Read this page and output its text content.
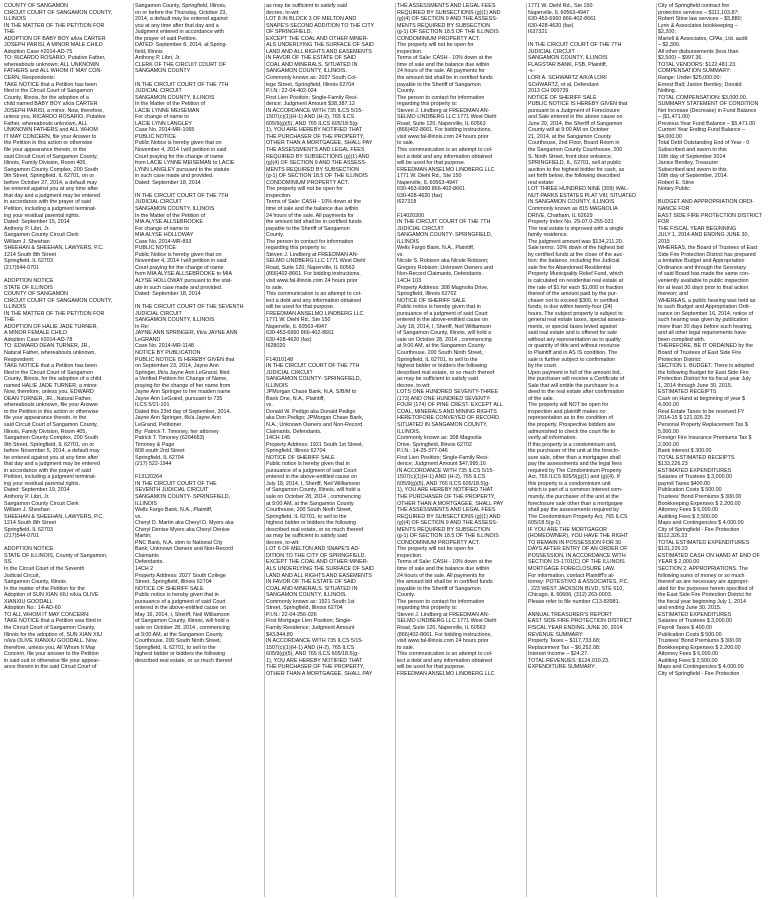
COUNTY OF SANGAMON

CIRCUIT COURT OF SANGAMON COUNTY,

ILLINOIS

IN THE MATTER OF THE PETITION FOR

THE

ADOPTION OF BABY BOY a/k/a CARTER

JOSEPH PARISI, A MINOR MALE CHILD

Adoption Case #2014-AD-75

TO: RICARDO ROSARIO, Putative Father,

whereabouts unknown; ALL UNKNOWN

FATHERS and ALL WHOM IT MAY CON-

CERN, Respondents:

TAKE NOTICE that a Petition has been

filed in the Circuit Court of Sangamon

County, Illinois, for the adoption of a

child named BABY BOY a/k/a CARTER

JOSEPH PARISI, a minor. Now, therefore,

unless you, RICARDO ROSARIO, Putative

Father, whereabouts unknown, ALL

UNKNOWN FATHERS and ALL WHOM

IT MAY CONCERN, file your Answer to

the Petition in this action or otherwise

file your appearance therein, in the

said Circuit Court of Sangamon County,

Illinois, Family Division, Room 405,

Sangamon County Complex, 200 South

9th Street, Springfield, IL 62701, on or

before October 27, 2014, a default may

be entered against you at any time after

that day and a judgment may be entered

in accordance with the prayer of said

Petition, including a judgment terminat-

ing your residual parental rights.

Dated: September 15, 2014

Anthony P. Libri, Jr.

Sangamon County Circuit Clerk

William J. Sheehan

SHEEHAN & SHEEHAN, LAWYERS, P.C.

1214 South 8th Street

Springfield, IL 62703

(217)544-0701

ADOPTION NOTICE

STATE OF ILLINOIS

COUNTY OF SANGAMON

CIRCUIT COURT OF SANGAMON COUNTY,

ILLINOIS

IN THE MATTER OF THE PETITION FOR

THE

ADOPTION OF HALIE JADE TURNER,

A MINOR FEMALE CHILD

Adoption Case #2014-AD-78

TO: EDWARD DEAN TURNER, JR.,

Natural Father, whereabouts unknown,

Respondent:

TAKE NOTICE that a Petition has been

filed in the Circuit Court of Sangamon

County, Illinois, for the adoption of a child

named HALIE JADE TURNER, a minor.

Now, therefore, unless you, EDWARD

DEAN TURNER, JR., Natural Father,

whereabouts unknown, file your Answer

to the Petition in this action or otherwise

file your appearance therein, in the

said Circuit Court of Sangamon County,

Illinois, Family Division, Room 405,

Sangamon County Complex, 200 South

9th Street, Springfield, IL 62701, on or

before November 5, 2014, a default may

be entered against you at any time after

that day and a judgment may be entered

in accordance with the prayer of said

Petition, including a judgment terminat-

ing your residual parental rights.

Dated: September 19, 2014

Anthony P. Libri, Jr.

Sangamon County Circuit Clerk

William J. Sheehan

SHEEHAN & SHEEHAN, LAWYERS, P.C.

1214 South 8th Street

Springfield, IL 62703

(217)544-0701

ADOPTION NOTICE

STATE OF ILLINOIS, County of Sangamon,

SS.

In the Circuit Court of the Seventh

Judicial Circuit,

Sangamon County, Illinois.

In the matter of the Petition for the

Adoption of SUN XIAN XIU n/k/a OLIVE

XIANXIU GOODALL

Adoption No.: 14-AD-60

TO ALL WHOM IT MAY CONCERN:

TAKE NOTICE that a Petition was filed in

the Circuit Court of Sangamon County,

Illinois for the adoption of, SUN XIAN XIU

n/k/a OLIVE XIANXIU GOODALL. Now,

therefore, unless you, All Whom It May

Concern, file your answer to the Petition

in said suit or otherwise file your appear-

ance therein in the said Circuit Court of

Sangamon County, Springfield, Illinois,

on or before the Thursday, October 23,

2014, a default may be entered against

you at any time after that day and a

Judgment entered in accordance with

the prayer of said Petition.

DATED: September 8, 2014, at Spring-

field, Illinois

Anthony P. Libri, Jr.

CLERK OF THE CIRCUIT COURT OF

SANGAMON COUNTY

IN THE CIRCUIT COURT OF THE 7TH

JUDICIAL CIRCUIT

SANGAMON COUNTY, ILLINOIS

In the Matter of the Petition of

LACIE LYNNE MEISEMAN

For change of name to

LACIE LYNN LANGLEY

Case No. 2014-MR-1065

PUBLIC NOTICE

Public Notice is hereby given that on

November 4, 2014 I will petition in said

Court praying for the change of name

from LACIE LYNNE MEISEMAN to LACIE

LYNN LANGLEY pursuant to the statute

in such case made and provided.

Dated: September 18, 2014

IN THE CIRCUIT COURT OF THE 7TH

JUDICIAL CIRCUIT

SANGAMON COUNTY, ILLINOIS

In the Matter of the Petition of

MIA ALYSE ALLSEBROOKE

For change of name to

MIA ALYSE HOLLOWAY

Case No. 2014-MR-893

PUBLIC NOTICE

Public Notice is hereby given that on

November 4, 2014 I will petition in said

Court praying for the change of name

from MIA ALYSE ALLSEBROOKE to MIA

ALYSE HOLLOWAY pursuant to the stat-

ute in such case made and provided.

Dated: September 18, 2014

IN THE CIRCUIT COURT OF THE SEVENTH

JUDICIAL CIRCUIT

SANGAMON COUNTY, ILLINOIS

In Re:

JAYNE ANN SPRINGER, f/k/a JAYNE ANN

LeGRAND

Case No. 2014-MR-1148

NOTICE BY PUBLICATION

PUBLIC NOTICE IS HEREBY GIVEN that

on September 23, 2014, Jayne Ann

Springer, f/k/a Jayne Ann LeGrand, filed

a Verified Petition for Change of Name,

praying for the change of her name from

Jayne Ann Springer to her maiden name

Jayne Ann LeGrand, pursuant to 735

ILCS 5/21-101

Dated this 23rd day of September, 2014.

Jayne Ann Springer, f/k/a Jayne Ann

LeGrand, Petitioner

By: Patrick T. Timoney, her attorney

Patrick T. Timoney (6204653)

Timoney & Page

808 south 2nd Street

Springfield, IL 62704

(217) 522-1944

F13120264

IN THE CIRCUIT COURT OF THE

SEVENTH JUDICIAL CIRCUIT

SANGAMON COUNTY- SPRINGFIELD,

ILLINOIS

Wells Fargo Bank, N.A., Plaintiff,

vs.

Cheryl D. Martin aka Cheryl D. Myers aka

Cheryl Denise Myers aka Cheryl Denise

Martin;

PNC Bank, N.A. sbm to National City

Bank; Unknown Owners and Non-Record

Claimants

Defendants.

14CH 2

Property Address: 2027 South College

Street, Springfield, Illinois 62704

NOTICE OF SHERIFF SALE

Public notice is hereby given that in

pursuance of a judgment of said Court

entered in the above-entitled cause on

May 16, 2014, I, Sheriff, Neil Williamson

of Sangamon County, Illinois, will hold a

sale on October 28, 2014 , commencing

at 9:00 AM, at the Sangamon County

Courthouse, 200 South Ninth Street,

Springfield, IL 62701, to sell to the

highest bidder or bidders the following

described real estate, or so much thereof

as may be sufficient to satisfy said

decree, to-wit:

LOT 8 IN BLOCK 3 OF MELTON AND

SNAPE'S SECOND ADDITION TO THE CITY

OF SPRINGFIELD.

EXCEPT THE COAL AND OTHER MINER-

ALS UNDERLYING THE SURFACE OF SAID

LAND AND ALL RIGHTS AND EASEMENTS

IN FAVOR OF THE ESTATE OF SAID

COAL AND MINERALS. SITUATED IN

SANGAMON COUNTY, ILLINOIS.

Commonly known as: 2027 South Col-

lege Street, Springfield, Illinois 62704

P.I.N.: 22-04-402-024

First Lien Position; Single-Family Resi-

dence; Judgment Amount $38,387.12

IN ACCORDANCE WITH 735 ILCS 5/15-

1507(c)(1)(H-1) AND (H-2), 765 ILCS

605/9(g)(5), AND 765 ILCS 605/18.5(g-

1), YOU ARE HEREBY NOTIFIED THAT

THE PURCHASER OF THE PROPERTY,

OTHER THAN A MORTGAGEE, SHALL PAY

THE ASSESSMENTS AND LEGAL FEES

REQUIRED BY SUBSECTIONS (g)(1) AND

(g)(4) OF SECTION 9 AND THE ASSESS-

MENTS REQUIRED BY SUBSECTION

(g-1) OF SECTION 18.5 OF THE ILLINOIS

CONDOMINIUM PROPERTY ACT.

The property will not be open for

inspection.

Terms of Sale: CASH - 10% down at the

time of sale and the balance due within

24 hours of the sale. All payments for

the amount bid shall be in certified funds

payable to the Sheriff of Sangamon

County.

The person to contact for information

regarding this property is:

Steven J. Lindberg at FREEDMAN AN-

SELMO LINDBERG LLC 1771 West Diehl

Road, Suite 120, Naperville, IL 60563

(866)402-8661. For bidding instructions,

visit www.fal-illinois.com 24 hours prior

to sale.

This communication is an attempt to col-

lect a debt and any information obtained

will be used for that purpose.

FREEDMAN ANSELMO LINDBERG LLC

1771 W. Diehl Rd., Ste 150

Naperville, IL 60563-4947

630-453-6960 866-402-8661

630-428-4620 (fax)

I628020

F14010148

IN THE CIRCUIT COURT OF THE 7TH

JUDICIAL CIRCUIT

SANGAMON COUNTY- SPRINGFIELD,

ILLINOIS

JPMorgan Chase Bank, N.A. S/B/M to

Bank One, N.A., Plaintiff,

vs.

Donald W. Pedigo aka Donald Pedigo

aka Don Pedigo; JPMorgan Chase Bank,

N.A.; Unknown Owners and Non-Record

Claimants, Defendants.

14CH 145

Property Address: 1921 South 1st Street,

Springfield, Illinois 62704

NOTICE OF SHERIFF SALE

Public notice is hereby given that in

pursuance of a judgment of said Court

entered in the above-entitled cause on

July 18, 2014, I, Sheriff, Neil Williamson

of Sangamon County, Illinois, will hold a

sale on October 28, 2014 , commencing

at 9:00 AM, at the Sangamon County

Courthouse, 200 South Ninth Street,

Springfield, IL 62701, to sell to the

highest bidder or bidders the following

described real estate, or so much thereof

as may be sufficient to satisfy said

decree, to-wit:

LOT 6 OF MELTON AND SNAPE'S AD-

DITION TO THE CITY OF SPRINGFIELD.

EXCEPT THE COAL AND OTHER MINER-

ALS UNDERLYING THE SURFACE OF SAID

LAND AND ALL RIGHTS AND EASEMENTS

IN FAVOR OF THE ESTATE OF SAID

COAL AND MINERALS. SITUATED IN

SANGAMON COUNTY, ILLINOIS.

Commonly known as: 1921 South 1st

Street, Springfield, Illinois 62704

P.I.N.: 22-04-256-026

First Mortgage Lien Position; Single-

Family Residence; Judgment Amount

$43,844.80

IN ACCORDANCE WITH 735 ILCS 5/15-

1507(c)(1)(H-1) AND (H-2), 765 ILCS

605/9(g)(5), AND 765 ILCS 605/18.5(g-

1), YOU ARE HEREBY NOTIFIED THAT

THE PURCHASER OF THE PROPERTY,

OTHER THAN A MORTGAGEE, SHALL PAY

THE ASSESSMENTS AND LEGAL FEES

REQUIRED BY SUBSECTIONS (g)(1) AND

(g)(4) OF SECTION 9 AND THE ASSESS-

MENTS REQUIRED BY SUBSECTION

(g-1) OF SECTION 18.5 OF THE ILLINOIS

CONDOMINIUM PROPERTY ACT.

The property will not be open for

inspection.

Terms of Sale: CASH - 10% down at the

time of sale and the balance due within

24 hours of the sale. All payments for

the amount bid shall be in certified funds

payable to the Sheriff of Sangamon

County.

The person to contact for information

regarding this property is:

Steven J. Lindberg at FREEDMAN AN-

SELMO LINDBERG LLC 1771 West Diehl

Road, Suite 120, Naperville, IL 60563

(866)402-8661. For bidding instructions,

visit www.fal-illinois.com 24 hours prior

to sale.

This communication is an attempt to col-

lect a debt and any information obtained

will be used for that purpose.

FREEDMAN ANSELMO LINDBERG LLC

1771 W. Diehl Rd., Ste 150

Naperville, IL 60563-4947

630-453-6960 866-402-8661

630-428-4620 (fax)

I627318

F14020300

IN THE CIRCUIT COURT OF THE 7TH

JUDICIAL CIRCUIT

SANGAMON COUNTY- SPRINGFIELD,

ILLINOIS

Wells Fargo Bank, N.A., Plaintiff,

vs.

Nicole S. Robison aka Nicole Robison;

Gregory Robison; Unknown Owners and

Non-Record Claimants, Defendants.

14CH 103

Property Address: 308 Magnolia Drive,

Springfield, Illinois 62702

NOTICE OF SHERIFF SALE

Public notice is hereby given that in

pursuance of a judgment of said Court

entered in the above-entitled cause on

July 18, 2014, I, Sheriff, Neil Williamson

of Sangamon County, Illinois, will hold a

sale on October 28, 2014 , commencing

at 9:00 AM, at the Sangamon County

Courthouse, 200 South Ninth Street,

Springfield, IL 62701, to sell to the

highest bidder or bidders the following

described real estate, or so much thereof

as may be sufficient to satisfy said

decree, to-wit:

LOTS ONE HUNDRED SEVENTY-THREE

(173) AND ONE HUNDRED SEVENTY-

FOUR (174) OF PINE CREST. EXCEPT ALL

COAL, MINERALS AND MINING RIGHTS

HERETOFORE CONVEYED OF RECORD.

SITUATED IN SANGAMON COUNTY,

ILLINOIS.

Commonly known as: 308 Magnolia

Drive, Springfield, Illinois 62702

P.I.N.: 14-25-377-046

First Lien Position; Single-Family Resi-

dence; Judgment Amount $47,995.16

IN ACCORDANCE WITH 735 ILCS 5/15-

1507(c)(1)(H-1) AND (H-2), 765 ILCS

605/9(g)(5), AND 765 ILCS 605/18.5(g-

1), YOU ARE HEREBY NOTIFIED THAT

THE PURCHASER OF THE PROPERTY,

OTHER THAN A MORTGAGEE, SHALL PAY

THE ASSESSMENTS AND LEGAL FEES

REQUIRED BY SUBSECTIONS (g)(1) AND

(g)(4) OF SECTION 9 AND THE ASSESS-

MENTS REQUIRED BY SUBSECTION

(g-1) OF SECTION 18.5 OF THE ILLINOIS

CONDOMINIUM PROPERTY ACT.

The property will not be open for

inspection.

Terms of Sale: CASH - 10% down at the

time of sale and the balance due within

24 hours of the sale. All payments for

the amount bid shall be in certified funds

payable to the Sheriff of Sangamon

County.

The person to contact for information

regarding this property is:

Steven J. Lindberg at FREEDMAN AN-

SELMO LINDBERG LLC 1771 West Diehl

Road, Suite 120, Naperville, IL 60563

(866)402-8661. For bidding instructions,

visit www.fal-illinois.com 24 hours prior

to sale.

This communication is an attempt to col-

lect a debt and any information obtained

will be used for that purpose.

FREEDMAN ANSELMO LINDBERG LLC

1771 W. Diehl Rd., Ste 150

Naperville, IL 60563-4947

630-453-6960 866-402-8661

630-428-4620 (fax)

I627321

IN THE CIRCUIT COURT OF THE 7TH

JUDICIAL CIRCUIT

SANGAMON COUNTY, ILLINOIS

FLAGSTAR BANK, FSB, Plaintiff,

-v.-

LORI A. SCHWARTZ A/K/A LORI

SCHWARTZ, et al, Defendant

2013 CH 000739

NOTICE OF SHERIFF SALE

PUBLIC NOTICE IS HEREBY GIVEN that

pursuant to a Judgment of Foreclosure

and Sale entered in the above cause on

June 20, 2014, the Sheriff of Sangamon

County will at 9:00 AM on October

21, 2014, at the Sangamon County

Courthouse, 2nd Floor, Board Room in

the Sangamon County Courthouse, 200

S. Ninth Street, front door entrance,

SPRINGFIELD, IL, 62701, sell at public

auction to the highest bidder for cash, as

set forth below, the following described

real estate:

LOT THREE HUNDRED NINE (309) WAL-

NUT PARKS ESTATES PLAT VIII, SITUATED

IN SANGAMON COUNTY, ILLINOIS

Commonly known as 815 MAGNOLIA

DRIVE, Chatham, IL 62629

Property Index No. 29-07.0-255-031

The real estate is improved with a single

family residence.

The judgment amount was $134,211.20.

Sale terms: 10% down of the highest bid

by certified funds at the close of the auc-

tion; the balance, including the Judicial

sale fee for Abandoned Residential

Property Municipality Relief Fund, which

is calculated on residential real estate at

the rate of $1 for each $1,000 or fraction

thereof of the amount paid by the pur-

chaser not to exceed $300, in certified

funds, is due within twenty-four (24)

hours. The subject property is subject to

general real estate taxes, special assess-

ments, or special taxes levied against

said real estate and is offered for sale

without any representation as to quality

or quantity of title and without recourse

to Plaintiff and in AS IS condition. The

sale is further subject to confirmation

by the court.

Upon payment in full of the amount bid,

the purchaser will receive a Certificate of

Sale that will entitle the purchaser to a

deed to the real estate after confirmation

of the sale.

The property will NOT be open for

inspection and plaintiff makes no

representation as to the condition of

the property. Prospective bidders are

admonished to check the court file to

verify all information.

If this property is a condominium unit,

the purchaser of the unit at the foreclo-

sure sale, other than a mortgagee shall

pay the assessments and the legal fees

required by The Condominium Property

Act, 765 ILCS 605/9(g)(1) and (g)(4). If

this property is a condominium unit

which is part of a common interest com-

munity, the purchaser of the unit at the

foreclosure sale other than a mortgagee

shall pay the assessments required by

The Condominium Property Act, 765 ILCS

605/18.5(g-1).

IF YOU ARE THE MORTGAGOR

(HOMEOWNER), YOU HAVE THE RIGHT

TO REMAIN IN POSSESSION FOR 30

DAYS AFTER ENTRY OF AN ORDER OF

POSSESSION, IN ACCORDANCE WITH

SECTION 15-1701(C) OF THE ILLINOIS

MORTGAGE FORECLOSURE LAW.

For information, contact Plaintiff's at-

torney: POTESTIVO & ASSOCIATES, P.C.

, 223 WEST JACKSON BLVD, STE 610,

Chicago, IL 60606, (312) 263-0003.

Please refer to file number C13-83981.

ANNUAL TREASURER'S REPORT

EAST SIDE FIRE PROTECTION DISTRICT

FISCAL YEAR ENDING JUNE 30, 2014

REVENUE SUMMARY:

Property Taxes – $117,733.68;

Replacement Tax – $6,252.08;

Interest Income – $24.27.

TOTAL REVENUES: $124,010.23.

EXPENDITURE SUMMARY:

City of Springfield contract fire

protection services – $111,103.87;

Robert Stine law services – $5,880;

Lynn & Associates bookkeeping –

$2,200;

Martell & Associates, CPAs, Ltd. audit

– $2,300.

All other disbursements (less than

$2,500) – $997.36.

TOTAL VENDORS: $122,481.23.

COMPENSATION SUMMARY:

Range: Under $25,000.00:

Ernest Ball; Janice Bentley; Donald

Nolting.

TOTAL COMPENSATION: $3,000.00.

SUMMARY STATEMENT OF CONDITION

Net Increase (Decrease) in Fund Balance

– ($1,471.00)

Previous Year Fund Balance – $5,471.00

Current Year Ending Fund Balance –

$4,000.00

Total Debt Outstanding End of Year - 0

Subscribed and sworn to this

16th day of September 2014

Janice Bentley, Treasurer

Subscribed and sworn to this

16th day of September, 2014.

Robert E. Stine

Notary Public

BUDGET AND APPROPRIATION ORDI-

NANCE FOR

EAST SIDE FIRE PROTECTION DISTRICT

FOR

THE FISCAL YEAR BEGINNING

JULY 1, 2014 AND ENDING JUNE 30,

2015

WHEREAS, the Board of Trustees of East

Side Fire Protection District has prepared

a tentative Budget and Appropriation

Ordinance and through the Secretary

of said Board has made the same con-

veniently available to public inspection

for at least 30 days prior to final action

thereon; and

WHEREAS, a public hearing was held as

to such Budget and Appropriation Ordi-

nance on September 16, 2014, notice of

such hearing was given by publication

more than 30 days before such hearing,

and all other legal requirements have

been complied with.

THEREFORE, BE IT ORDAINED by the

Board of Trustees of East Side Fire

Protection District:

SECTION 1. BUDGET. There is adopted

the following Budget for East Side Fire

Protection District for its fiscal year July

1, 2014 through June 30, 2015.

ESTIMATED RECEIPTS

Cash on Hand at beginning of year $

4,000.00

Real Estate Taxes to be received FY

2014-15 $ 121,926.23

Personal Property Replacement Tax $

5,000.00

Foreign Fire Insurance Premiums Tax $

2,000.00

Bank interest $ 300.00

TOTAL ESTIMATED RECEIPTS

$133,226.23

ESTIMATED EXPENDITURES

Salaries of Trustees $ 3,000.00

payroll Taxes $400.00

Publication Costs $ 500.00

Trustees' Bond Premiums $ 300.00

Bookkeeping Expenses $ 2,200.00

Attorney Fees $ 6,000.00

Auditing Fees $ 2,500.00

Maps and Contingencies $ 4,000.00

City of Springfield - Fire Protection

$112,326.23

TOTAL ESTIMATED EXPENDITURES

$131,226.23

ESTIMATED CASH ON HAND AT END OF

YEAR $ 2,000.00

SECTION 2. APPROPRIATIONS. The

following sums of money or so much

thereof as are necessary are appropri-

ated for the purposes herein specified of

the East Side Fire Protection District for

the fiscal year beginning July 1, 2014

and ending June 30, 2015.

ESTIMATED EXPENDITURES

Salaries of Trustees $ 3,000.00

Payroll Taxes $ 400.00

Publication Costs $ 500.00

Trustees' Bond Premiums $ 300.00

Bookkeeping Expenses $ 2,200.00

Attorney Fees $ 6,000.00

Auditing Fees $ 2,500.00

Maps and Contingencies $ 4,000.00

City of Springfield - Fire Protection
